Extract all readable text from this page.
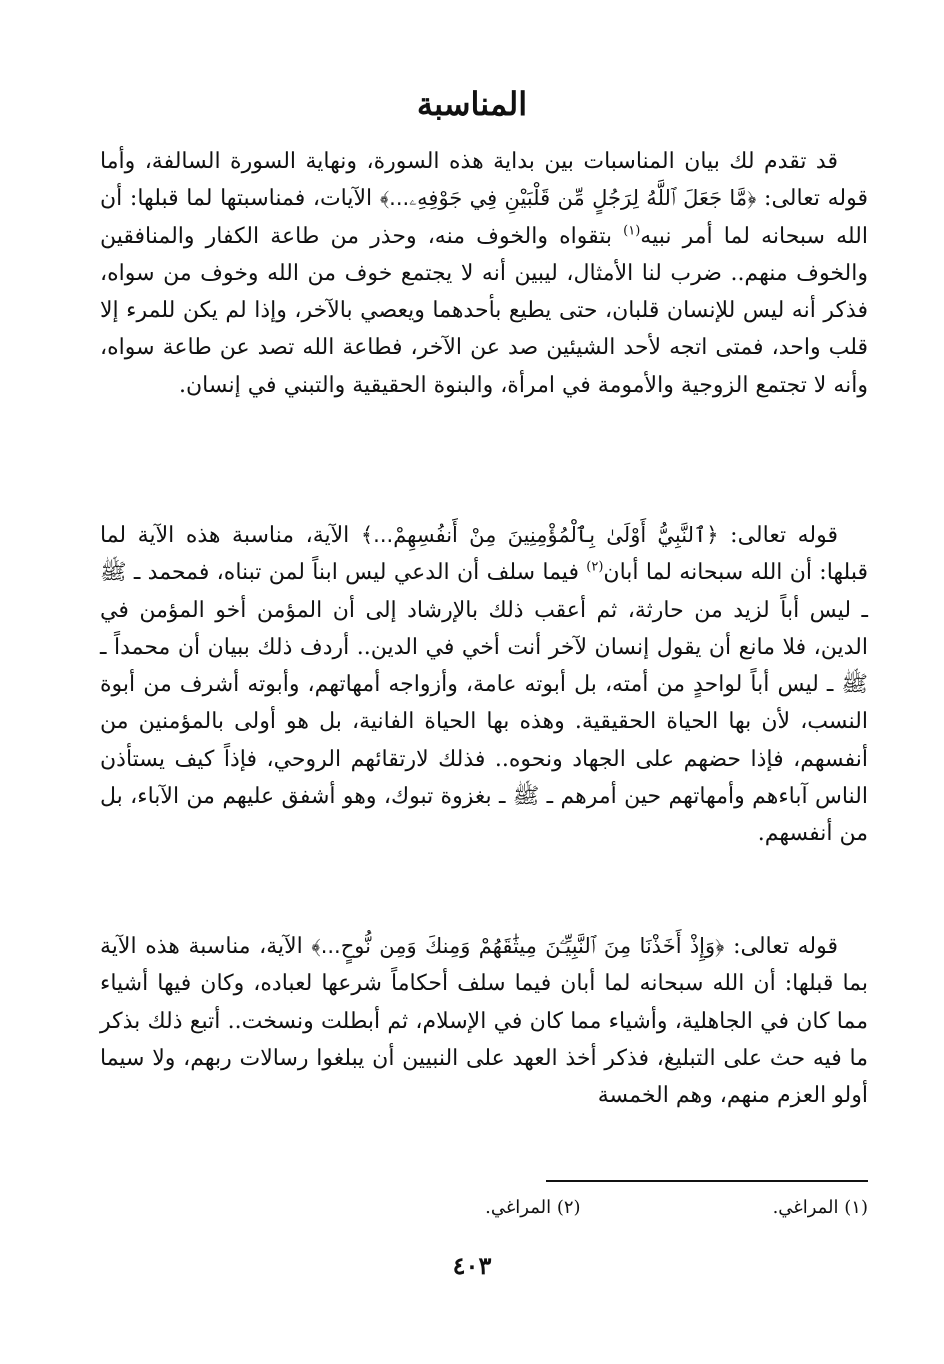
المناسبة

قد تقدم لك بيان المناسبات بين بداية هذه السورة، ونهاية السورة السالفة، وأما قوله تعالى: ﴿مَّا جَعَلَ ٱللَّهُ لِرَجُلٍ مِّن قَلْبَيْنِ فِي جَوْفِهِۦ...﴾ الآيات، فمناسبتها لما قبلها: أن الله سبحانه لما أمر نبيه$^{(١)}$ بتقواه والخوف منه، وحذر من طاعة الكفار والمنافقين والخوف منهم.. ضرب لنا الأمثال، ليبين أنه لا يجتمع خوف من الله وخوف من سواه، فذكر أنه ليس للإنسان قلبان، حتى يطيع بأحدهما ويعصي بالآخر، وإذا لم يكن للمرء إلا قلب واحد، فمتى اتجه لأحد الشيئين صد عن الآخر، فطاعة الله تصد عن طاعة سواه، وأنه لا تجتمع الزوجية والأمومة في امرأة، والبنوة الحقيقية والتبني في إنسان.

قوله تعالى: ﴿ٱلنَّبِيُّ أَوْلَىٰ بِٱلْمُؤْمِنِينَ مِنْ أَنفُسِهِمْ...﴾ الآية، مناسبة هذه الآية لما قبلها: أن الله سبحانه لما أبان$^{(٢)}$ فيما سلف أن الدعي ليس ابناً لمن تبناه، فمحمد ـ ﷺ ـ ليس أباً لزيد من حارثة، ثم أعقب ذلك بالإرشاد إلى أن المؤمن أخو المؤمن في الدين، فلا مانع أن يقول إنسان لآخر أنت أخي في الدين.. أردف ذلك ببيان أن محمداً ـ ﷺ ـ ليس أباً لواحدٍ من أمته، بل أبوته عامة، وأزواجه أمهاتهم، وأبوته أشرف من أبوة النسب، لأن بها الحياة الحقيقية. وهذه بها الحياة الفانية، بل هو أولى بالمؤمنين من أنفسهم، فإذا حضهم على الجهاد ونحوه.. فذلك لارتقائهم الروحي، فإذاً كيف يستأذن الناس آباءهم وأمهاتهم حين أمرهم ـ ﷺ ـ بغزوة تبوك، وهو أشفق عليهم من الآباء، بل من أنفسهم.

قوله تعالى: ﴿وَإِذْ أَخَذْنَا مِنَ ٱلنَّبِيِّـۧنَ مِيثَٰقَهُمْ وَمِنكَ وَمِن نُّوحٍ...﴾ الآية، مناسبة هذه الآية بما قبلها: أن الله سبحانه لما أبان فيما سلف أحكاماً شرعها لعباده، وكان فيها أشياء مما كان في الجاهلية، وأشياء مما كان في الإسلام، ثم أبطلت ونسخت.. أتبع ذلك بذكر ما فيه حث على التبليغ، فذكر أخذ العهد على النبيين أن يبلغوا رسالات ربهم، ولا سيما أولو العزم منهم، وهم الخمسة

(١) المراغي.
(٢) المراغي.
٤٠٣
